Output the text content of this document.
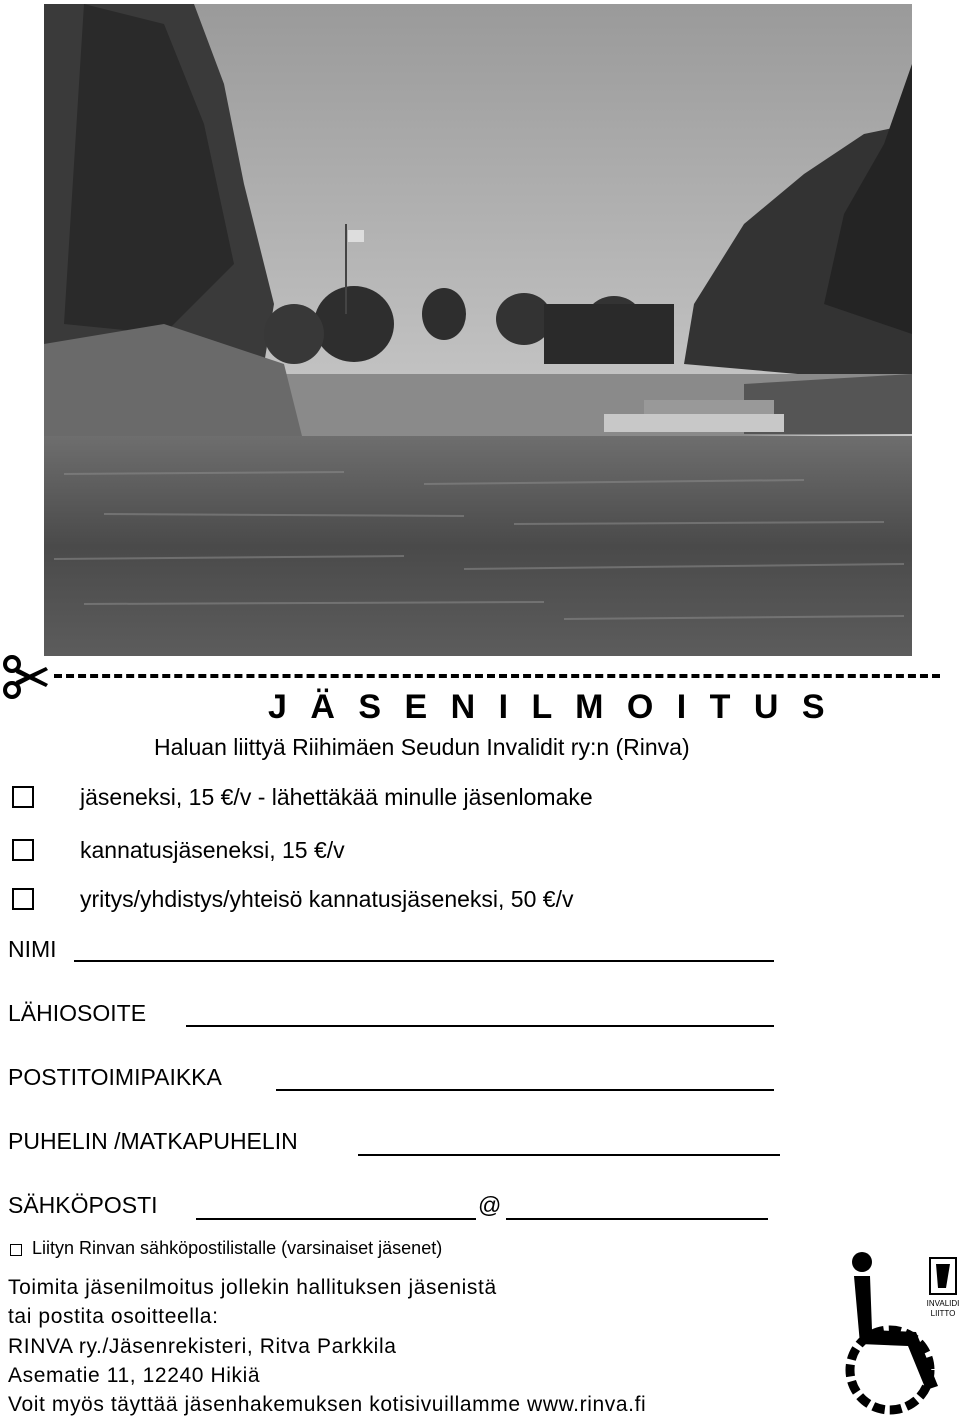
J Ä S E N I L M O I T U S
Haluan liittyä Riihimäen Seudun Invalidit ry:n (Rinva)
jäseneksi, 15 €/v - lähettäkää minulle jäsenlomake
kannatusjäseneksi, 15 €/v
yritys/yhdistys/yhteisö kannatusjäseneksi, 50 €/v
NIMI
LÄHIOSOITE
POSTITOIMIPAIKKA
PUHELIN /MATKAPUHELIN
SÄHKÖPOSTI	@
Liityn Rinvan sähköpostilistalle (varsinaiset jäsenet)
Toimita jäsenilmoitus jollekin hallituksen jäsenistä
tai postita osoitteella:
RINVA ry./Jäsenrekisteri, Ritva Parkkila
Asematie 11, 12240 Hikiä
Voit myös täyttää jäsenhakemuksen kotisivuillamme www.rinva.fi
INVALIDI
LIITTO
